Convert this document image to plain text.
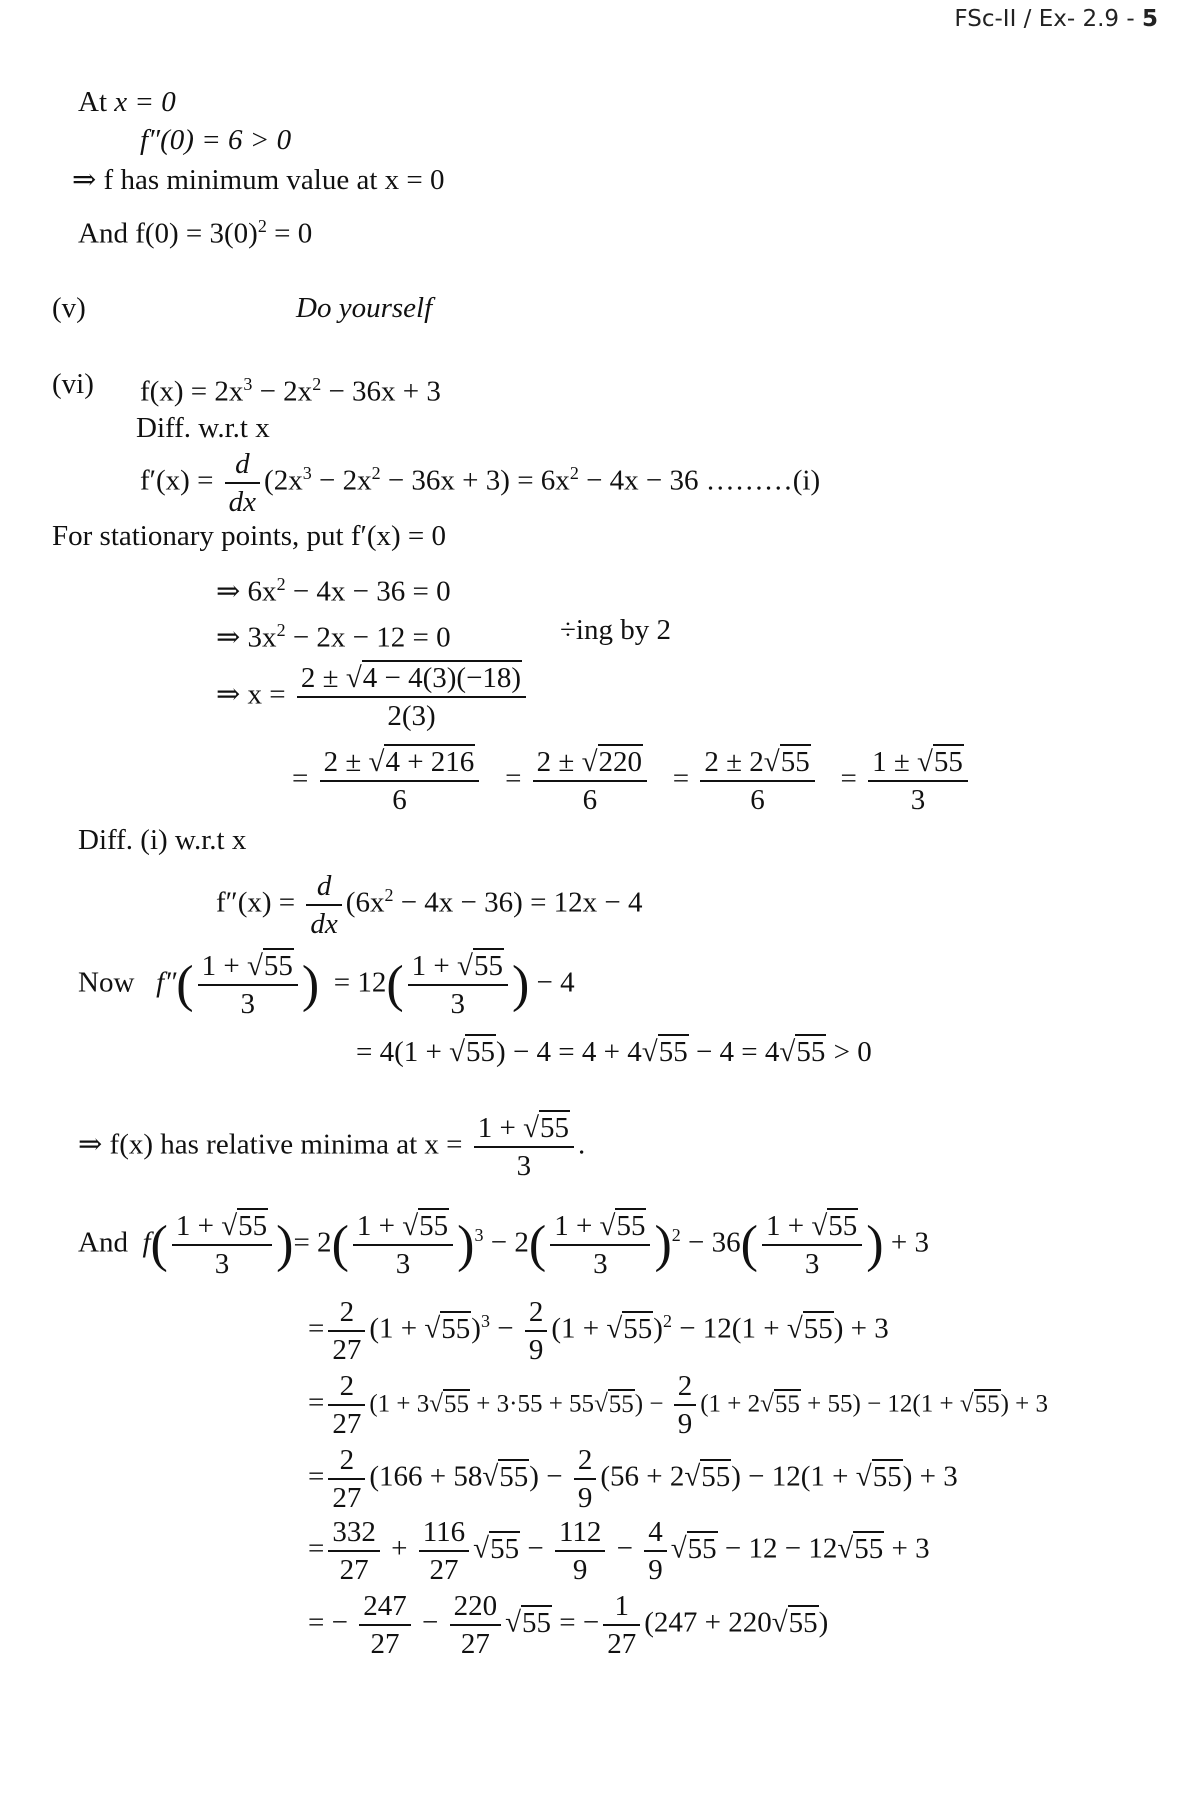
FSc-II / Ex- 2.9 - 5
At x = 0
f″(0) = 6 > 0
⇒ f has minimum value at x = 0
And $f(0) = 3(0)^2 = 0$
(v)	Do yourself
(vi) $f(x) = 2x^3 - 2x^2 - 36x + 3$
Diff. w.r.t x
$f'(x) = \frac{d}{dx} (2x^3 - 2x^2 - 36x + 3) = 6x^2 - 4x - 36$ ………(i)
For stationary points, put f′(x) = 0
⇒ $6x^2 - 4x - 36 = 0$
⇒ $3x^2 - 2x - 12 = 0$	÷ing by 2
⇒ $x = \frac{2 \pm √4 - 4(3)(-18)}{2(3)}$
= $\frac{2 \pm √4 + 216}{6} = \frac{2 \pm √220}{6} = \frac{2 \pm 2√55}{6} = \frac{1 \pm √55}{3}$
Diff. (i) w.r.t x
$f''(x) = \frac{d}{dx} (6x^2 - 4x - 36) = 12x - 4$
Now $f''( \frac{1 + √55}{3}$ ) = $12( \frac{1 + √55}{3}$ ) − 4
= 4(1 + √55) − 4 = 4 + 4√55 − 4 = 4√55 > 0
⇒ f(x) has relative minima at $x = \frac{1 + √55}{3}$ .
And $f( \frac{1 + √55}{3}$ )= $2( \frac{1 + √55}{3} )^3 - 2( \frac{1 + √55}{3} )^2 - 36( \frac{1 + √55}{3}$ ) + 3
= $\frac{2}{27} (1 + √55)^3 - \frac{2}{9} (1 + √55)^2 - 12(1 + √55) + 3$
= $\frac{2}{27} (1 + 3√55 + 3\cdot 55 + 55√55) - \frac{2}{9} (1 + 2√55 + 55) - 12(1 + √55) + 3$
= $\frac{2}{27} (166 + 58√55) - \frac{2}{9} (56 + 2√55) - 12(1 + √55) + 3$
= $\frac{332}{27} + \frac{116}{27} √55 - \frac{112}{9} - \frac{4}{9} √55 - 12 - 12√55 + 3$
= − $\frac{247}{27} - \frac{220}{27} √55$ = − $\frac{1}{27} (247 + 220√55)$
